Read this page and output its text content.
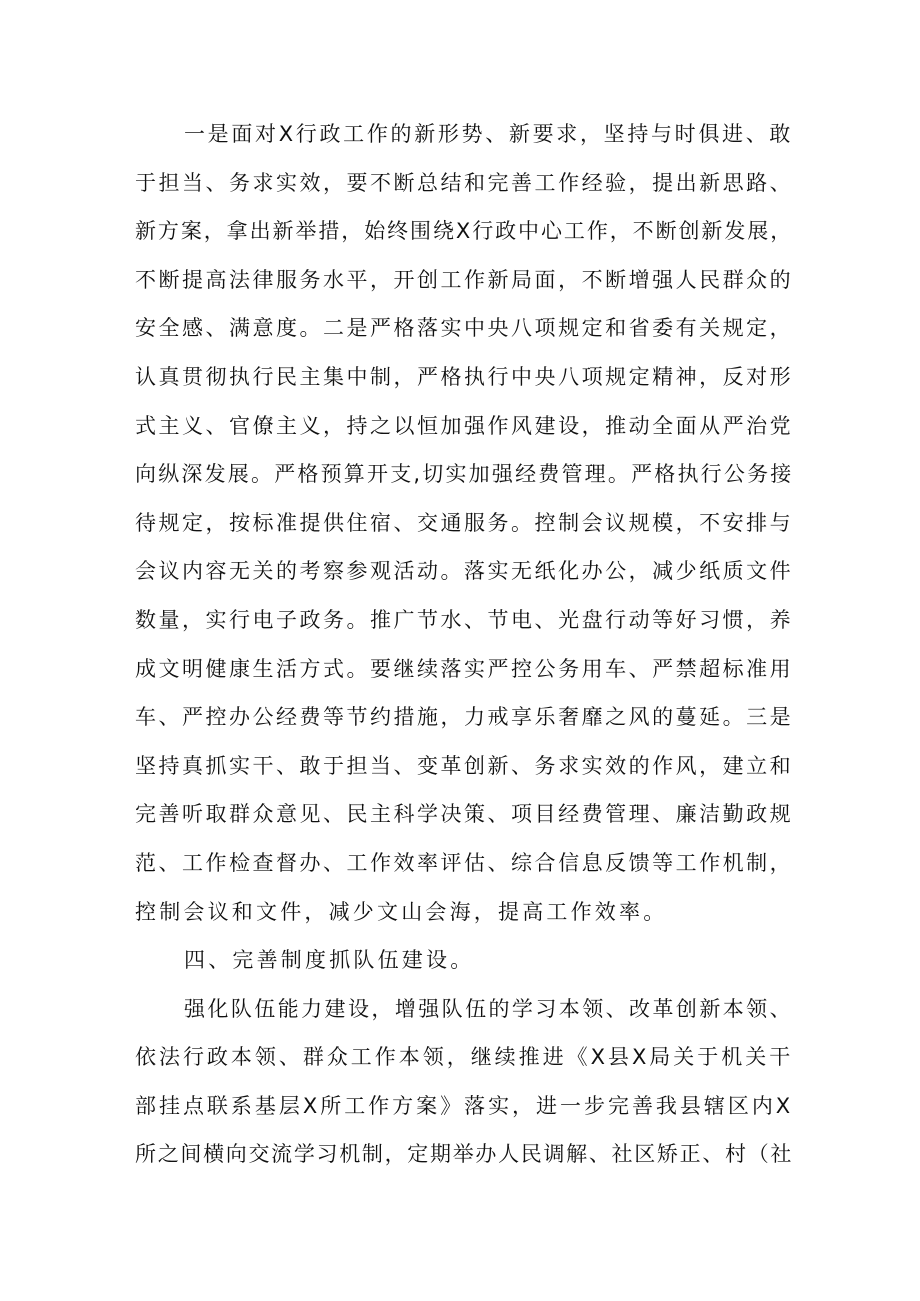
一是面对X行政工作的新形势、新要求，坚持与时俱进、敢
于担当、务求实效，要不断总结和完善工作经验，提出新思路、
新方案，拿出新举措，始终围绕X行政中心工作，不断创新发展，
不断提高法律服务水平，开创工作新局面，不断增强人民群众的
安全感、满意度。二是严格落实中央八项规定和省委有关规定，
认真贯彻执行民主集中制，严格执行中央八项规定精神，反对形
式主义、官僚主义，持之以恒加强作风建设，推动全面从严治党
向纵深发展。严格预算开支,切实加强经费管理。严格执行公务接
待规定，按标准提供住宿、交通服务。控制会议规模，不安排与
会议内容无关的考察参观活动。落实无纸化办公，减少纸质文件
数量，实行电子政务。推广节水、节电、光盘行动等好习惯，养
成文明健康生活方式。要继续落实严控公务用车、严禁超标准用
车、严控办公经费等节约措施，力戒享乐奢靡之风的蔓延。三是
坚持真抓实干、敢于担当、变革创新、务求实效的作风，建立和
完善听取群众意见、民主科学决策、项目经费管理、廉洁勤政规
范、工作检查督办、工作效率评估、综合信息反馈等工作机制，
控制会议和文件，减少文山会海，提高工作效率。
四、完善制度抓队伍建设。
强化队伍能力建设，增强队伍的学习本领、改革创新本领、
依法行政本领、群众工作本领，继续推进《X县X局关于机关干
部挂点联系基层X所工作方案》落实，进一步完善我县辖区内X
所之间横向交流学习机制，定期举办人民调解、社区矫正、村（社
